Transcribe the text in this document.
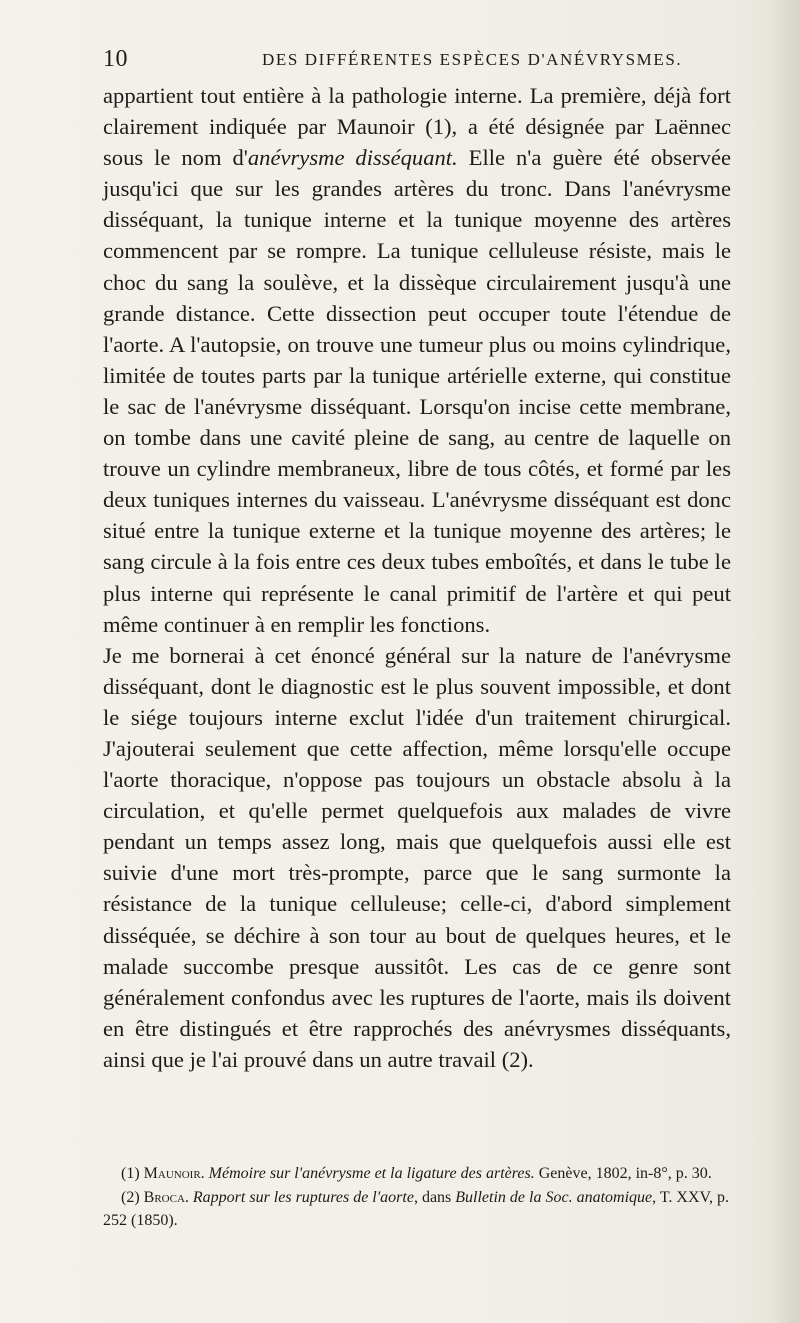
10	DES DIFFÉRENTES ESPÈCES D'ANÉVRYSMES.

appartient tout entière à la pathologie interne. La première, déjà fort clairement indiquée par Maunoir (1), a été désignée par Laënnec sous le nom d'anévrysme disséquant. Elle n'a guère été observée jusqu'ici que sur les grandes artères du tronc. Dans l'anévrysme disséquant, la tunique interne et la tunique moyenne des artères commencent par se rompre. La tunique celluleuse résiste, mais le choc du sang la soulève, et la dissèque circulairement jusqu'à une grande distance. Cette dissection peut occuper toute l'étendue de l'aorte. A l'autopsie, on trouve une tumeur plus ou moins cylindrique, limitée de toutes parts par la tunique artérielle externe, qui constitue le sac de l'anévrysme disséquant. Lorsqu'on incise cette membrane, on tombe dans une cavité pleine de sang, au centre de laquelle on trouve un cylindre membraneux, libre de tous côtés, et formé par les deux tuniques internes du vaisseau. L'anévrysme disséquant est donc situé entre la tunique externe et la tunique moyenne des artères; le sang circule à la fois entre ces deux tubes emboîtés, et dans le tube le plus interne qui représente le canal primitif de l'artère et qui peut même continuer à en remplir les fonctions.

Je me bornerai à cet énoncé général sur la nature de l'anévrysme disséquant, dont le diagnostic est le plus souvent impossible, et dont le siége toujours interne exclut l'idée d'un traitement chirurgical. J'ajouterai seulement que cette affection, même lorsqu'elle occupe l'aorte thoracique, n'oppose pas toujours un obstacle absolu à la circulation, et qu'elle permet quelquefois aux malades de vivre pendant un temps assez long, mais que quelquefois aussi elle est suivie d'une mort très-prompte, parce que le sang surmonte la résistance de la tunique celluleuse; celle-ci, d'abord simplement disséquée, se déchire à son tour au bout de quelques heures, et le malade succombe presque aussitôt. Les cas de ce genre sont généralement confondus avec les ruptures de l'aorte, mais ils doivent en être distingués et être rapprochés des anévrysmes disséquants, ainsi que je l'ai prouvé dans un autre travail (2).

(1) Maunoir. Mémoire sur l'anévrysme et la ligature des artères. Genève, 1802, in-8°, p. 30.

(2) Broca. Rapport sur les ruptures de l'aorte, dans Bulletin de la Soc. anatomique, T. XXV, p. 252 (1850).
